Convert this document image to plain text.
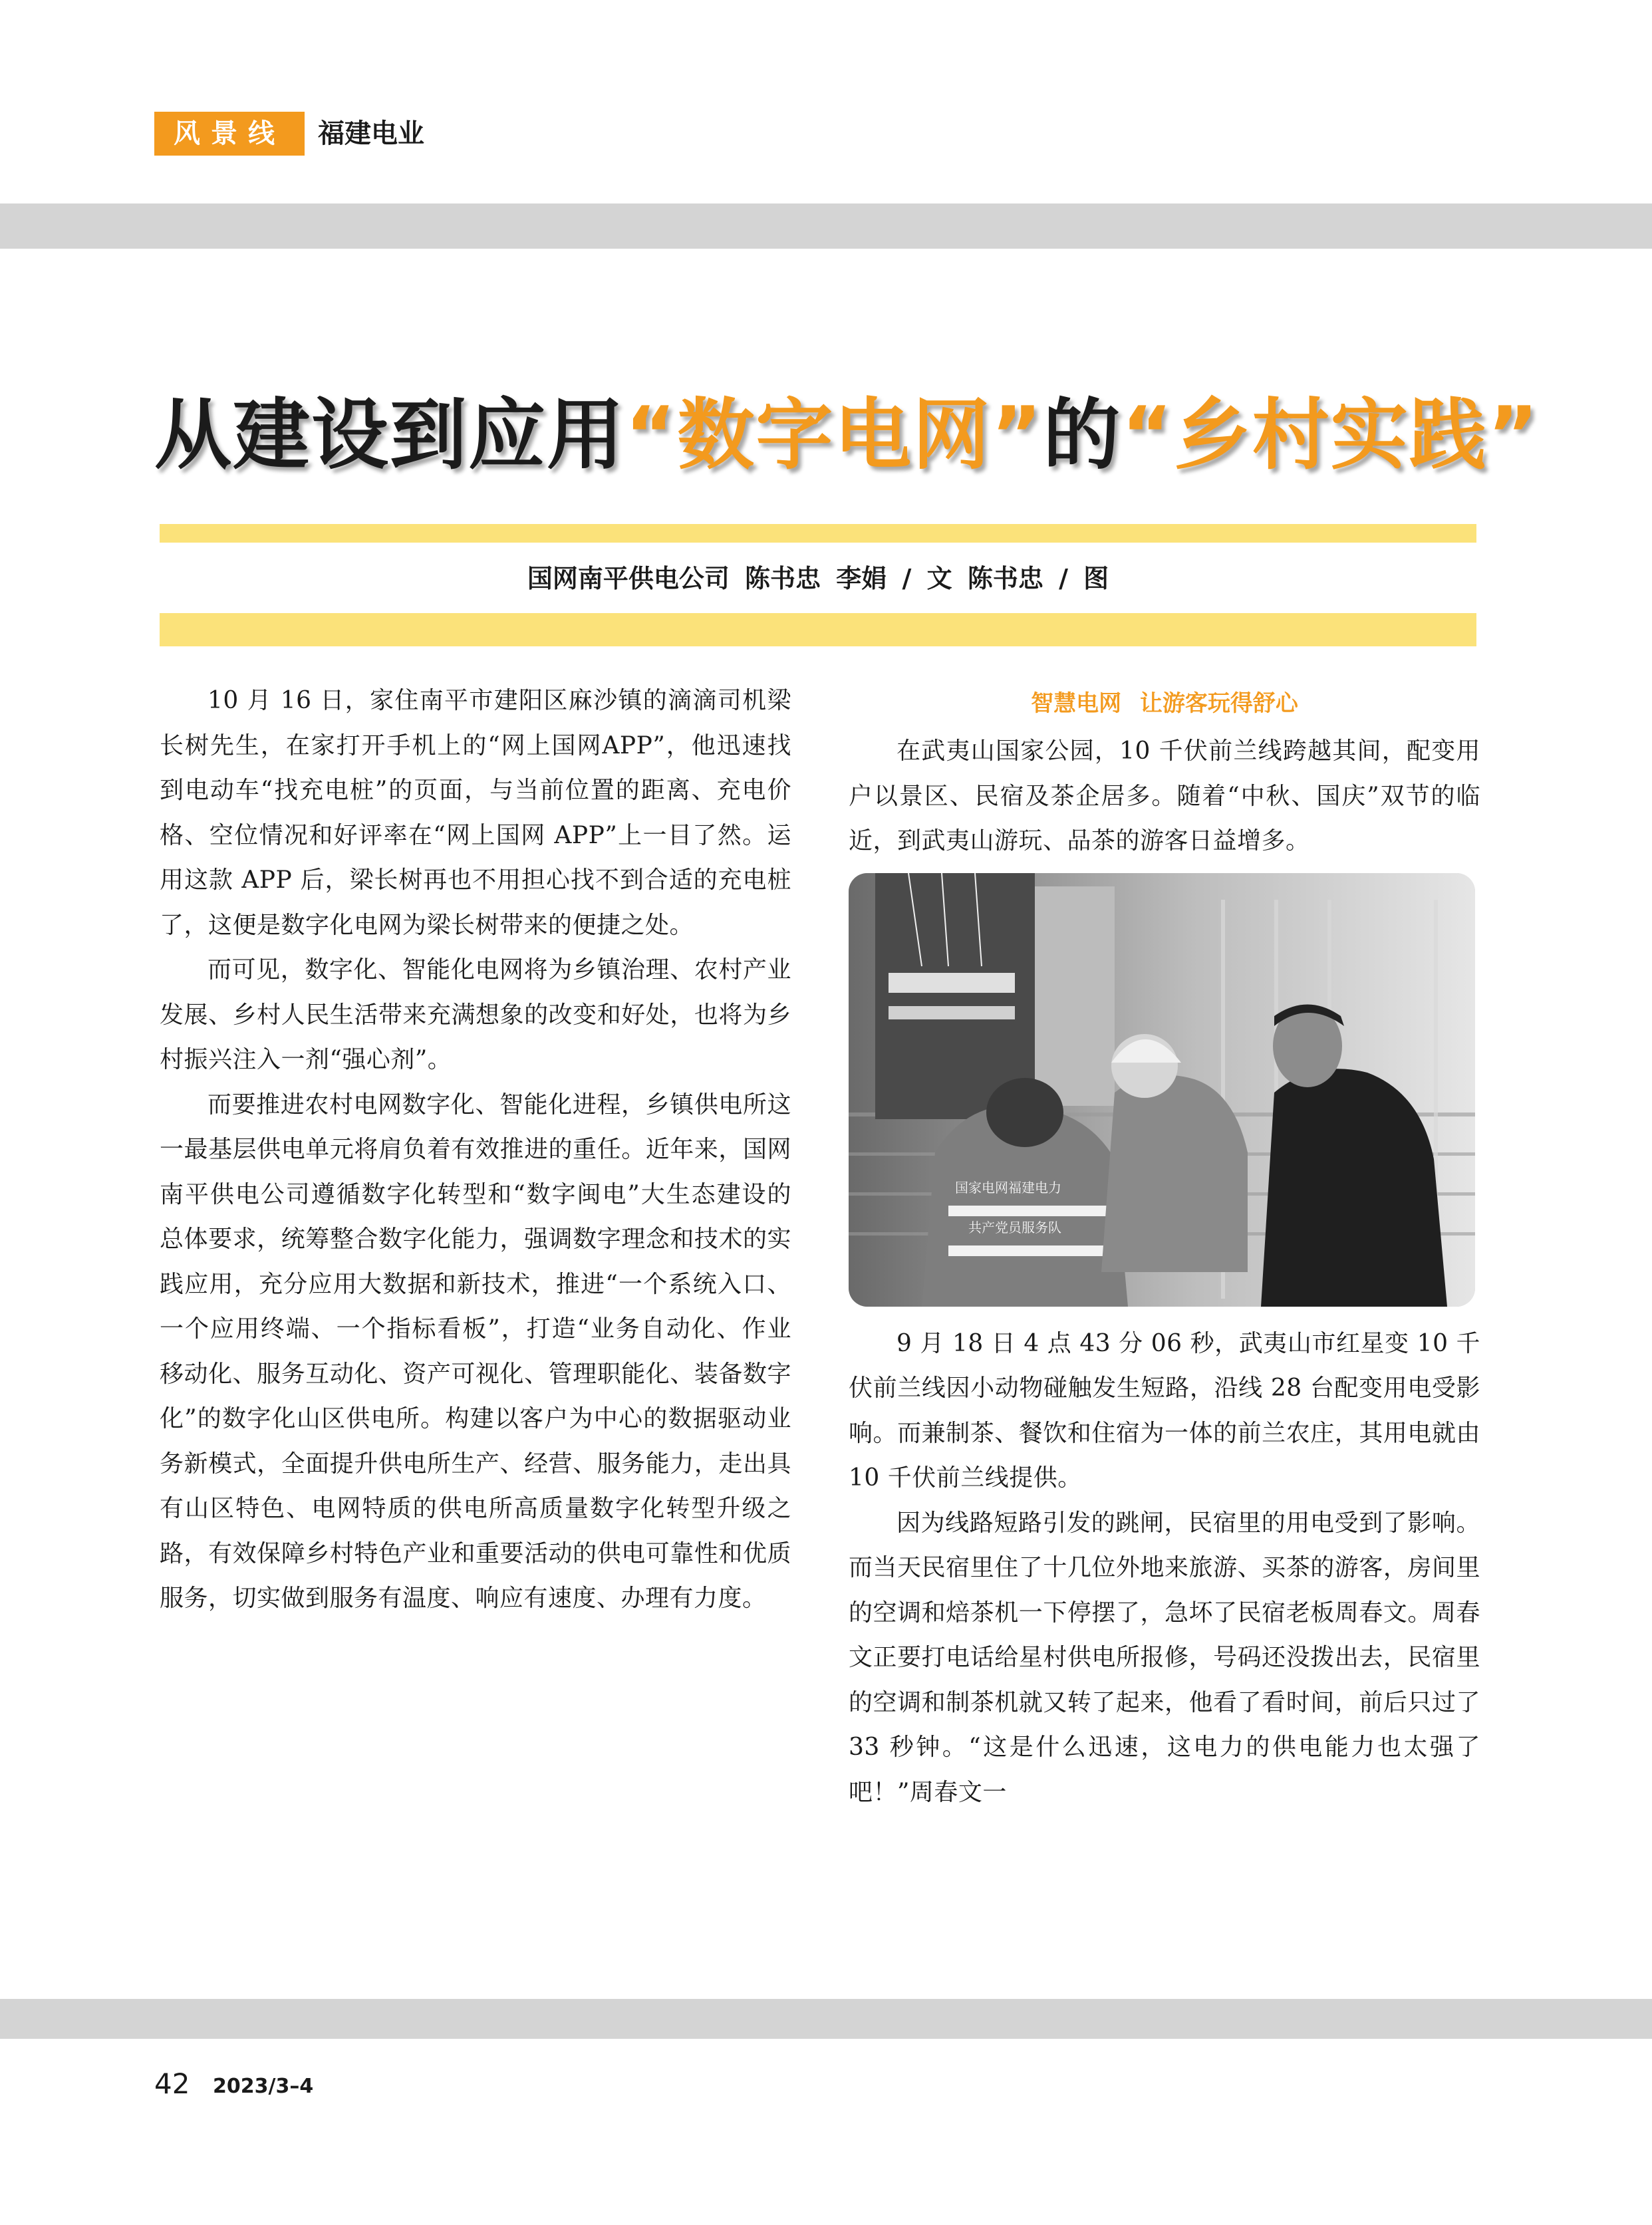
风景线	福建电业
从建设到应用“数字电网”的“乡村实践”
国网南平供电公司 陈书忠 李娟 / 文 陈书忠 / 图

10 月 16 日，家住南平市建阳区麻沙镇的滴滴司机梁长树先生，在家打开手机上的“网上国网APP”，他迅速找到电动车“找充电桩”的页面，与当前位置的距离、充电价格、空位情况和好评率在“网上国网 APP”上一目了然。运用这款 APP 后，梁长树再也不用担心找不到合适的充电桩了，这便是数字化电网为梁长树带来的便捷之处。

而可见，数字化、智能化电网将为乡镇治理、农村产业发展、乡村人民生活带来充满想象的改变和好处，也将为乡村振兴注入一剂“强心剂”。

而要推进农村电网数字化、智能化进程，乡镇供电所这一最基层供电单元将肩负着有效推进的重任。近年来，国网南平供电公司遵循数字化转型和“数字闽电”大生态建设的总体要求，统筹整合数字化能力，强调数字理念和技术的实践应用，充分应用大数据和新技术，推进“一个系统入口、一个应用终端、一个指标看板”，打造“业务自动化、作业移动化、服务互动化、资产可视化、管理职能化、装备数字化”的数字化山区供电所。构建以客户为中心的数据驱动业务新模式，全面提升供电所生产、经营、服务能力，走出具有山区特色、电网特质的供电所高质量数字化转型升级之路，有效保障乡村特色产业和重要活动的供电可靠性和优质服务，切实做到服务有温度、响应有速度、办理有力度。

智慧电网 让游客玩得舒心

在武夷山国家公园，10 千伏前兰线跨越其间，配变用户以景区、民宿及茶企居多。随着“中秋、国庆”双节的临近，到武夷山游玩、品茶的游客日益增多。

国家电网福建电力
共产党员服务队

9 月 18 日 4 点 43 分 06 秒，武夷山市红星变 10 千伏前兰线因小动物碰触发生短路，沿线 28 台配变用电受影响。而兼制茶、餐饮和住宿为一体的前兰农庄，其用电就由 10 千伏前兰线提供。

因为线路短路引发的跳闸，民宿里的用电受到了影响。而当天民宿里住了十几位外地来旅游、买茶的游客，房间里的空调和焙茶机一下停摆了，急坏了民宿老板周春文。周春文正要打电话给星村供电所报修，号码还没拨出去，民宿里的空调和制茶机就又转了起来，他看了看时间，前后只过了 33 秒钟。“这是什么迅速，这电力的供电能力也太强了吧！”周春文一

42 2023/3–4
